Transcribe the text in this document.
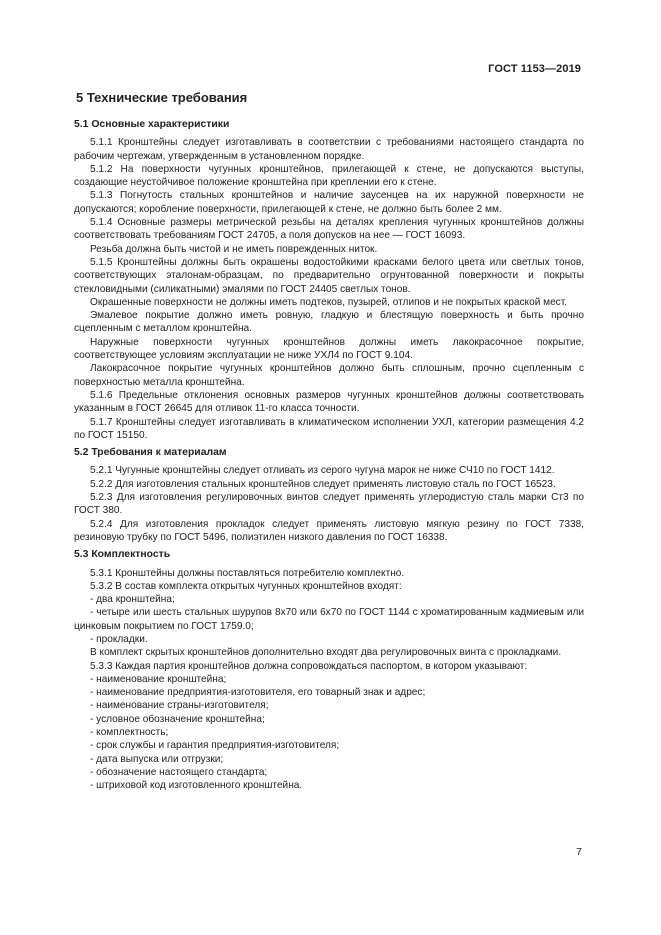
ГОСТ 1153—2019
5 Технические требования
5.1 Основные характеристики
5.1.1 Кронштейны следует изготавливать в соответствии с требованиями настоящего стандарта по рабочим чертежам, утвержденным в установленном порядке.
5.1.2 На поверхности чугунных кронштейнов, прилегающей к стене, не допускаются выступы, создающие неустойчивое положение кронштейна при креплении его к стене.
5.1.3 Погнутость стальных кронштейнов и наличие заусенцев на их наружной поверхности не допускаются; коробление поверхности, прилегающей к стене, не должно быть более 2 мм.
5.1.4 Основные размеры метрической резьбы на деталях крепления чугунных кронштейнов должны соответствовать требованиям ГОСТ 24705, а поля допусков на нее — ГОСТ 16093.
Резьба должна быть чистой и не иметь поврежденных ниток.
5.1.5 Кронштейны должны быть окрашены водостойкими красками белого цвета или светлых тонов, соответствующих эталонам-образцам, по предварительно огрунтованной поверхности и покрыты стекловидными (силикатными) эмалями по ГОСТ 24405 светлых тонов.
Окрашенные поверхности не должны иметь подтеков, пузырей, отлипов и не покрытых краской мест.
Эмалевое покрытие должно иметь ровную, гладкую и блестящую поверхность и быть прочно сцепленным с металлом кронштейна.
Наружные поверхности чугунных кронштейнов должны иметь лакокрасочное покрытие, соответствующее условиям эксплуатации не ниже УХЛ4 по ГОСТ 9.104.
Лакокрасочное покрытие чугунных кронштейнов должно быть сплошным, прочно сцепленным с поверхностью металла кронштейна.
5.1.6 Предельные отклонения основных размеров чугунных кронштейнов должны соответствовать указанным в ГОСТ 26645 для отливок 11-го класса точности.
5.1.7 Кронштейны следует изготавливать в климатическом исполнении УХЛ, категории размещения 4.2 по ГОСТ 15150.
5.2 Требования к материалам
5.2.1 Чугунные кронштейны следует отливать из серого чугуна марок не ниже СЧ10 по ГОСТ 1412.
5.2.2 Для изготовления стальных кронштейнов следует применять листовую сталь по ГОСТ 16523.
5.2.3 Для изготовления регулировочных винтов следует применять углеродистую сталь марки Ст3 по ГОСТ 380.
5.2.4 Для изготовления прокладок следует применять листовую мягкую резину по ГОСТ 7338, резиновую трубку по ГОСТ 5496, полиэтилен низкого давления по ГОСТ 16338.
5.3 Комплектность
5.3.1 Кронштейны должны поставляться потребителю комплектно.
5.3.2 В состав комплекта открытых чугунных кронштейнов входят:
- два кронштейна;
- четыре или шесть стальных шурупов 8х70 или 6х70 по ГОСТ 1144 с хроматированным кадмиевым или цинковым покрытием по ГОСТ 1759.0;
- прокладки.
В комплект скрытых кронштейнов дополнительно входят два регулировочных винта с прокладками.
5.3.3 Каждая партия кронштейнов должна сопровождаться паспортом, в котором указывают:
- наименование кронштейна;
- наименование предприятия-изготовителя, его товарный знак и адрес;
- наименование страны-изготовителя;
- условное обозначение кронштейна;
- комплектность;
- срок службы и гарантия предприятия-изготовителя;
- дата выпуска или отгрузки;
- обозначение настоящего стандарта;
- штриховой код изготовленного кронштейна.
7
